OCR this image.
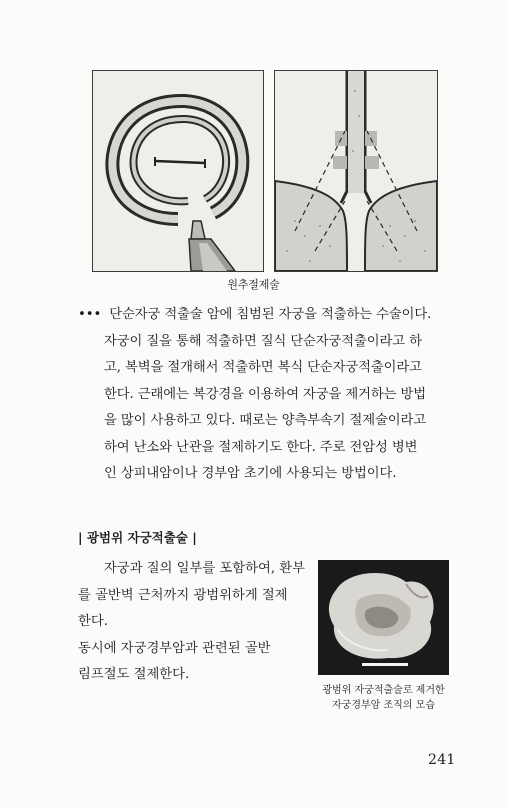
원추절제술
••• 단순자궁 적출술 암에 침범된 자궁을 적출하는 수술이다.
자궁이 질을 통해 적출하면 질식 단순자궁적출이라고 하
고, 복벽을 절개해서 적출하면 복식 단순자궁적출이라고
한다. 근래에는 복강경을 이용하여 자궁을 제거하는 방법
을 많이 사용하고 있다. 때로는 양측부속기 절제술이라고
하여 난소와 난관을 절제하기도 한다. 주로 전암성 병변
인 상피내암이나 경부암 초기에 사용되는 방법이다.
| 광범위 자궁적출술 |
자궁과 질의 일부를 포함하여, 환부
를 골반벽 근처까지 광범위하게 절제
한다.
동시에 자궁경부암과 관련된 골반
림프절도 절제한다.
광범위 자궁적출술로 제거한
자궁경부암 조직의 모습
241
